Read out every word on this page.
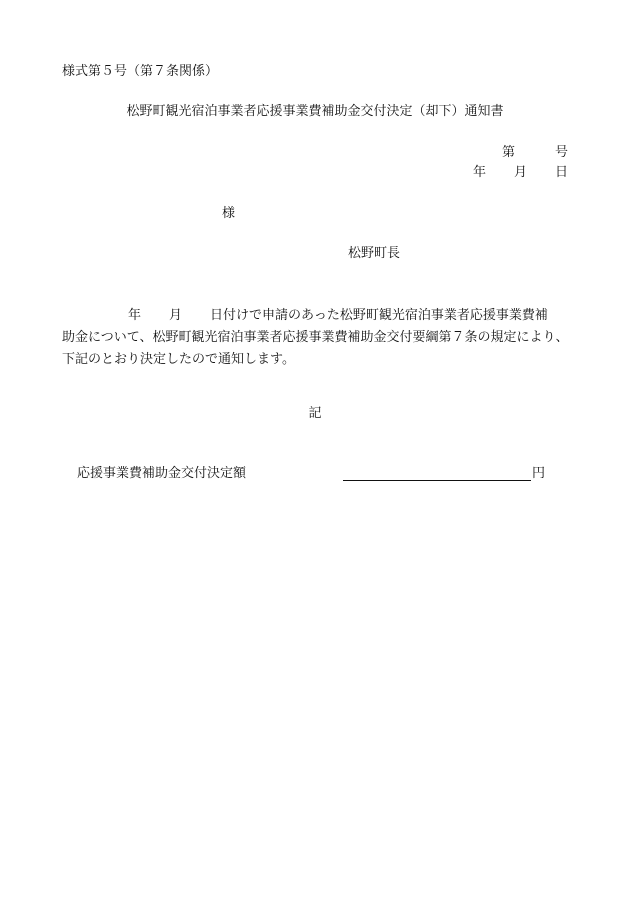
様式第５号（第７条関係）
松野町観光宿泊事業者応援事業費補助金交付決定（却下）通知書
第	号
年 月 日
様
松野町長
年 月 日付けで申請のあった松野町観光宿泊事業者応援事業費補
助金について、松野町観光宿泊事業者応援事業費補助金交付要綱第７条の規定により、
下記のとおり決定したので通知します。
記
応援事業費補助金交付決定額	円
